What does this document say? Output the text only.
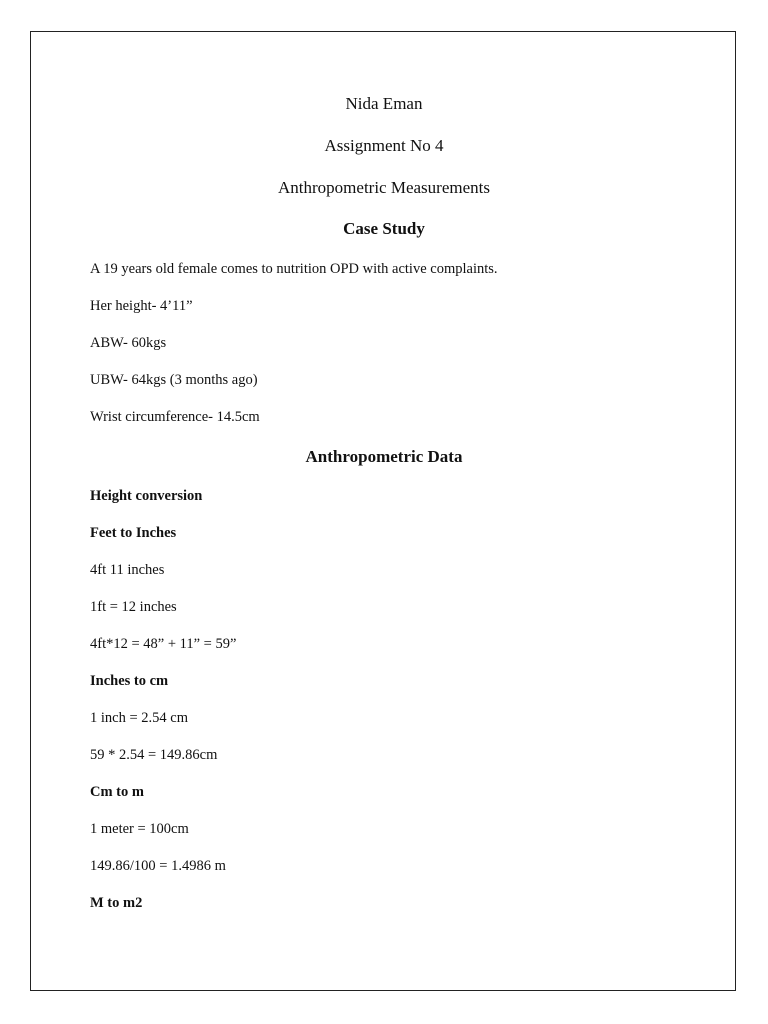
Nida Eman
Assignment No 4
Anthropometric Measurements
Case Study
A 19 years old female comes to nutrition OPD with active complaints.
Her height- 4’11”
ABW- 60kgs
UBW- 64kgs (3 months ago)
Wrist circumference- 14.5cm
Anthropometric Data
Height conversion
Feet to Inches
4ft 11 inches
1ft = 12 inches
4ft*12 = 48” + 11” = 59”
Inches to cm
1 inch = 2.54 cm
59 * 2.54 = 149.86cm
Cm to m
1 meter = 100cm
149.86/100 = 1.4986 m
M to m2
